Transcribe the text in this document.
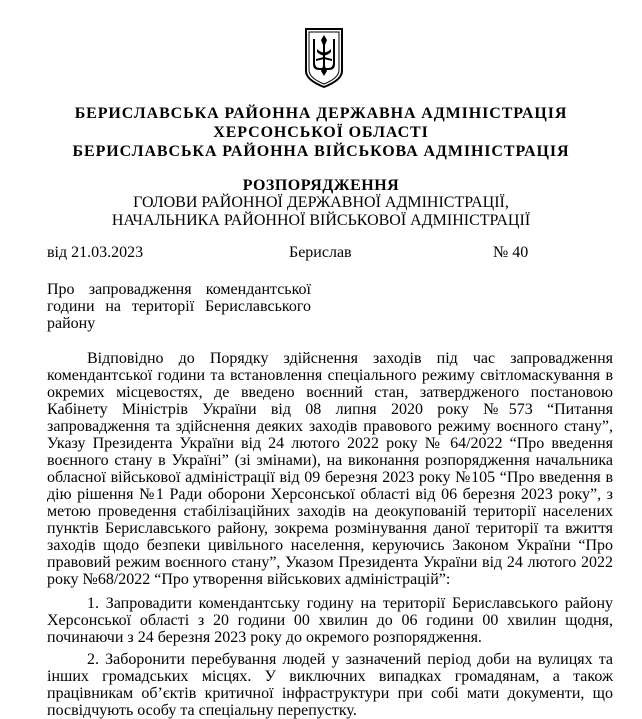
БЕРИСЛАВСЬКА РАЙОННА ДЕРЖАВНА АДМІНІСТРАЦІЯ
ХЕРСОНСЬКОЇ ОБЛАСТІ
БЕРИСЛАВСЬКА РАЙОННА ВІЙСЬКОВА АДМІНІСТРАЦІЯ
РОЗПОРЯДЖЕННЯ
ГОЛОВИ РАЙОННОЇ ДЕРЖАВНОЇ АДМІНІСТРАЦІЇ,
НАЧАЛЬНИКА РАЙОННОЇ ВІЙСЬКОВОЇ АДМІНІСТРАЦІЇ
від 21.03.2023	Берислав	№ 40
Про запровадження комендантської години на території Бериславського району

Відповідно до Порядку здійснення заходів під час запровадження комендантської години та встановлення спеціального режиму світломаскування в окремих місцевостях, де введено воєнний стан, затвердженого постановою Кабінету Міністрів України від 08 липня 2020 року №573 “Питання запровадження та здійснення деяких заходів правового режиму воєнного стану”, Указу Президента України від 24 лютого 2022 року № 64/2022 “Про введення воєнного стану в Україні” (зі змінами), на виконання розпорядження начальника обласної військової адміністрації від 09 березня 2023 року №105 “Про введення в дію рішення №1 Ради оборони Херсонської області від 06 березня 2023 року”, з метою проведення стабілізаційних заходів на деокупованій території населених пунктів Бериславського району, зокрема розмінування даної території та вжиття заходів щодо безпеки цивільного населення, керуючись Законом України “Про правовий режим воєнного стану”, Указом Президента України від 24 лютого 2022 року №68/2022 “Про утворення військових адміністрацій”:

1. Запровадити комендантську годину на території Бериславського району Херсонської області з 20 години 00 хвилин до 06 години 00 хвилин щодня, починаючи з 24 березня 2023 року до окремого розпорядження.

2. Заборонити перебування людей у зазначений період доби на вулицях та інших громадських місцях. У виключних випадках громадянам, а також працівникам об’єктів критичної інфраструктури при собі мати документи, що посвідчують особу та спеціальну перепустку.
